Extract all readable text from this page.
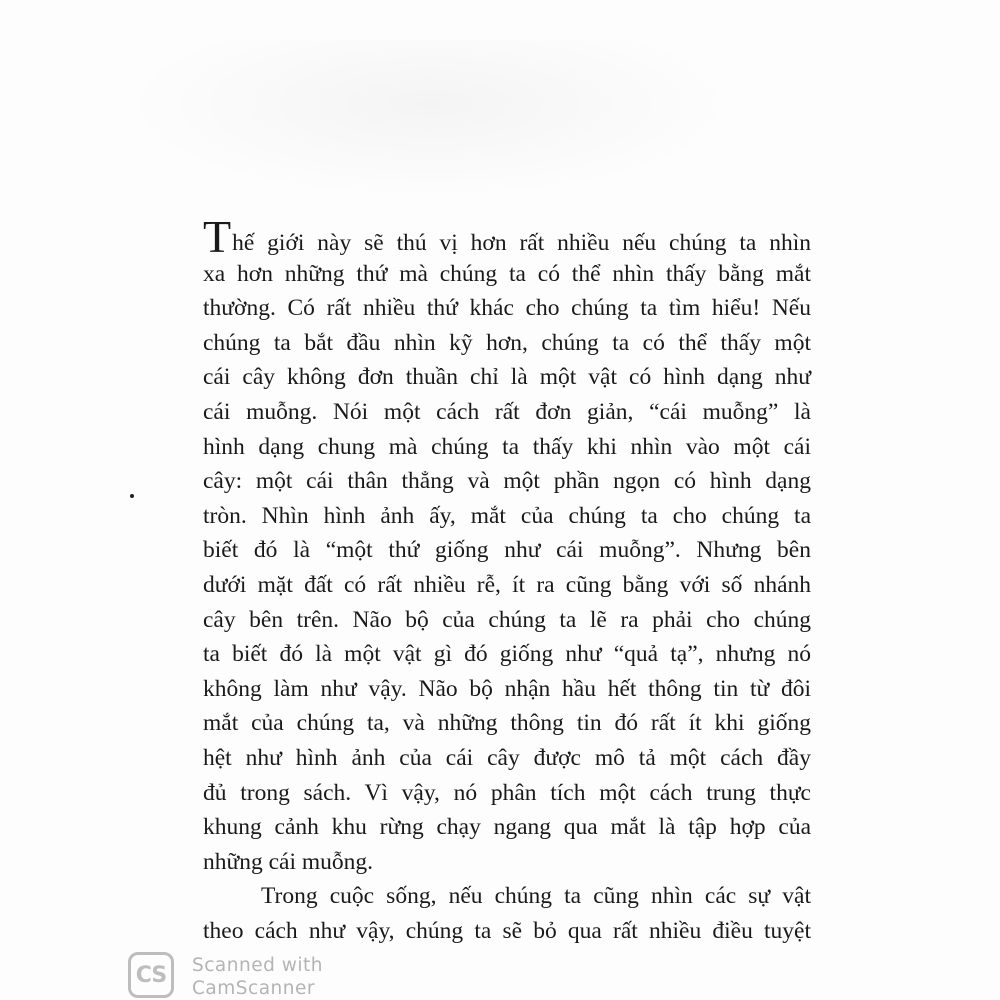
Thế giới này sẽ thú vị hơn rất nhiều nếu chúng ta nhìn
xa hơn những thứ mà chúng ta có thể nhìn thấy bằng mắt
thường. Có rất nhiều thứ khác cho chúng ta tìm hiểu! Nếu
chúng ta bắt đầu nhìn kỹ hơn, chúng ta có thể thấy một
cái cây không đơn thuần chỉ là một vật có hình dạng như
cái muỗng. Nói một cách rất đơn giản, “cái muỗng” là
hình dạng chung mà chúng ta thấy khi nhìn vào một cái
cây: một cái thân thẳng và một phần ngọn có hình dạng
tròn. Nhìn hình ảnh ấy, mắt của chúng ta cho chúng ta
biết đó là “một thứ giống như cái muỗng”. Nhưng bên
dưới mặt đất có rất nhiều rễ, ít ra cũng bằng với số nhánh
cây bên trên. Não bộ của chúng ta lẽ ra phải cho chúng
ta biết đó là một vật gì đó giống như “quả tạ”, nhưng nó
không làm như vậy. Não bộ nhận hầu hết thông tin từ đôi
mắt của chúng ta, và những thông tin đó rất ít khi giống
hệt như hình ảnh của cái cây được mô tả một cách đầy
đủ trong sách. Vì vậy, nó phân tích một cách trung thực
khung cảnh khu rừng chạy ngang qua mắt là tập hợp của
những cái muỗng.
Trong cuộc sống, nếu chúng ta cũng nhìn các sự vật
theo cách như vậy, chúng ta sẽ bỏ qua rất nhiều điều tuyệt
CS	Scanned with
CamScanner
